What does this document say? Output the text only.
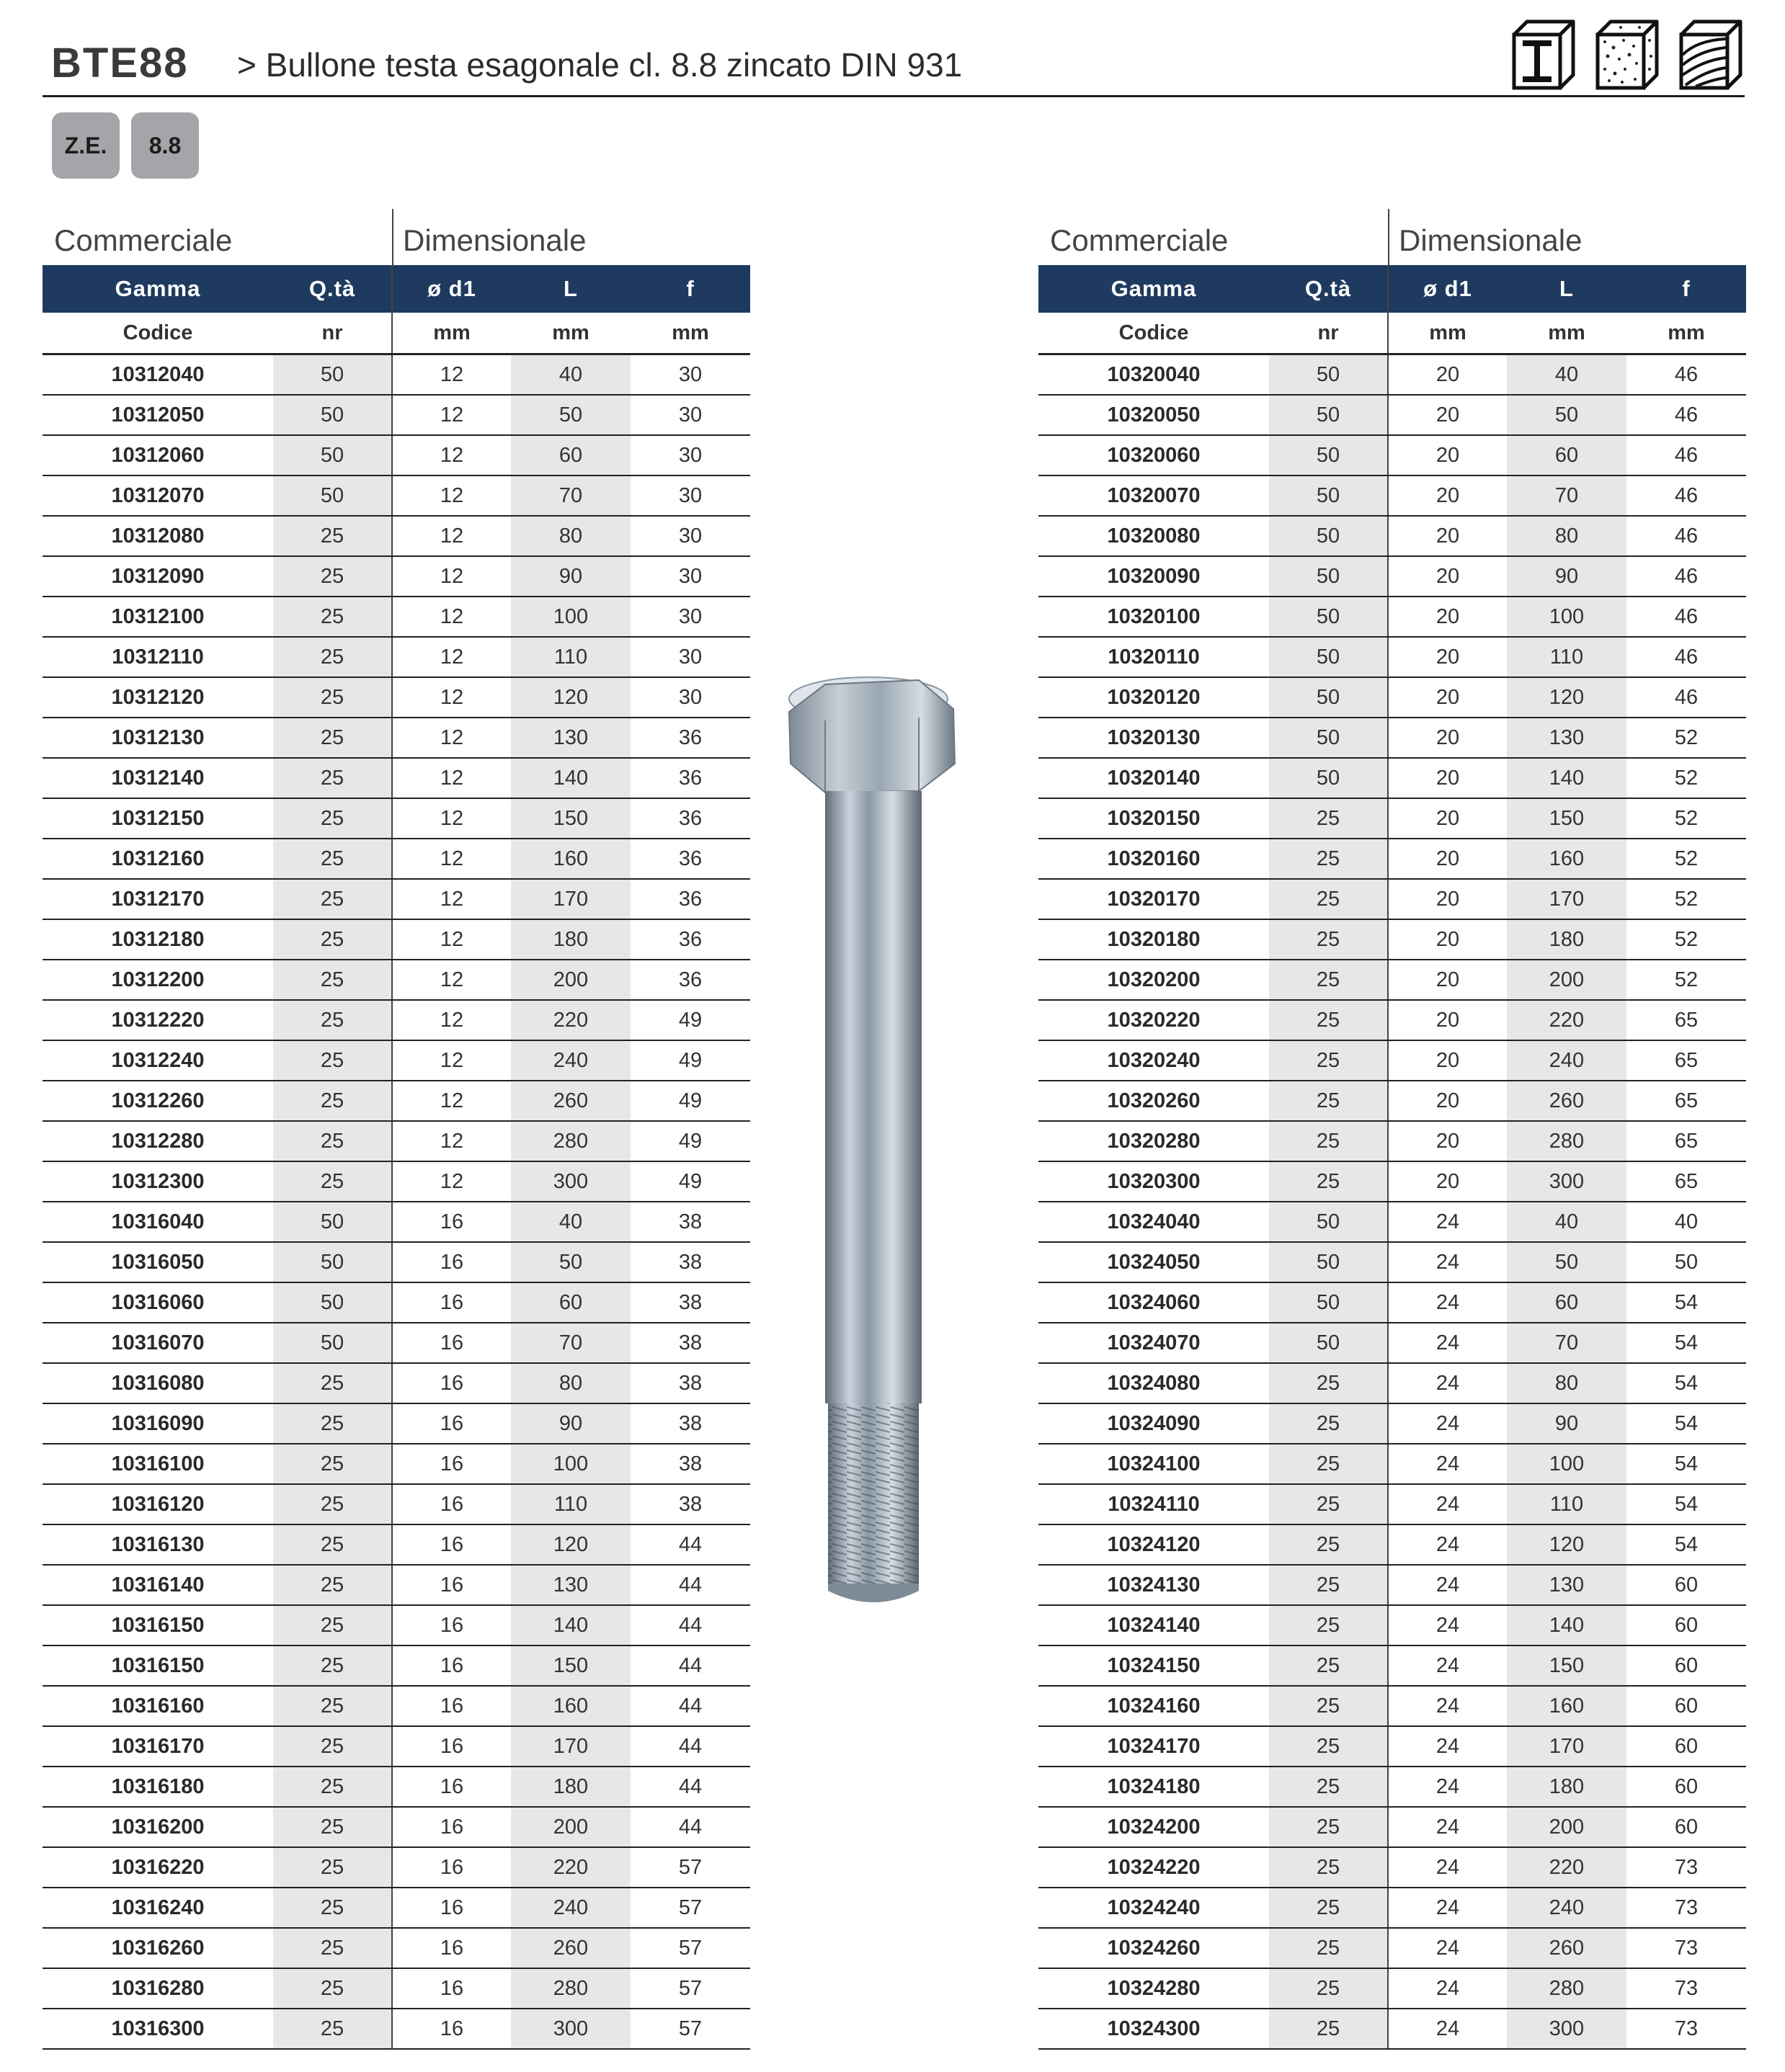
BTE88 > Bullone testa esagonale cl. 8.8 zincato DIN 931
Z.E.	8.8
Commerciale	Dimensionale
Gamma	Q.tà	ø d1	L	f
Codice	nr	mm	mm	mm
10312040	50	12	40	30
10312050	50	12	50	30
10312060	50	12	60	30
10312070	50	12	70	30
10312080	25	12	80	30
10312090	25	12	90	30
10312100	25	12	100	30
10312110	25	12	110	30
10312120	25	12	120	30
10312130	25	12	130	36
10312140	25	12	140	36
10312150	25	12	150	36
10312160	25	12	160	36
10312170	25	12	170	36
10312180	25	12	180	36
10312200	25	12	200	36
10312220	25	12	220	49
10312240	25	12	240	49
10312260	25	12	260	49
10312280	25	12	280	49
10312300	25	12	300	49
10316040	50	16	40	38
10316050	50	16	50	38
10316060	50	16	60	38
10316070	50	16	70	38
10316080	25	16	80	38
10316090	25	16	90	38
10316100	25	16	100	38
10316120	25	16	110	38
10316130	25	16	120	44
10316140	25	16	130	44
10316150	25	16	140	44
10316150	25	16	150	44
10316160	25	16	160	44
10316170	25	16	170	44
10316180	25	16	180	44
10316200	25	16	200	44
10316220	25	16	220	57
10316240	25	16	240	57
10316260	25	16	260	57
10316280	25	16	280	57
10316300	25	16	300	57
Commerciale	Dimensionale
Gamma	Q.tà	ø d1	L	f
Codice	nr	mm	mm	mm
10320040	50	20	40	46
10320050	50	20	50	46
10320060	50	20	60	46
10320070	50	20	70	46
10320080	50	20	80	46
10320090	50	20	90	46
10320100	50	20	100	46
10320110	50	20	110	46
10320120	50	20	120	46
10320130	50	20	130	52
10320140	50	20	140	52
10320150	25	20	150	52
10320160	25	20	160	52
10320170	25	20	170	52
10320180	25	20	180	52
10320200	25	20	200	52
10320220	25	20	220	65
10320240	25	20	240	65
10320260	25	20	260	65
10320280	25	20	280	65
10320300	25	20	300	65
10324040	50	24	40	40
10324050	50	24	50	50
10324060	50	24	60	54
10324070	50	24	70	54
10324080	25	24	80	54
10324090	25	24	90	54
10324100	25	24	100	54
10324110	25	24	110	54
10324120	25	24	120	54
10324130	25	24	130	60
10324140	25	24	140	60
10324150	25	24	150	60
10324160	25	24	160	60
10324170	25	24	170	60
10324180	25	24	180	60
10324200	25	24	200	60
10324220	25	24	220	73
10324240	25	24	240	73
10324260	25	24	260	73
10324280	25	24	280	73
10324300	25	24	300	73
